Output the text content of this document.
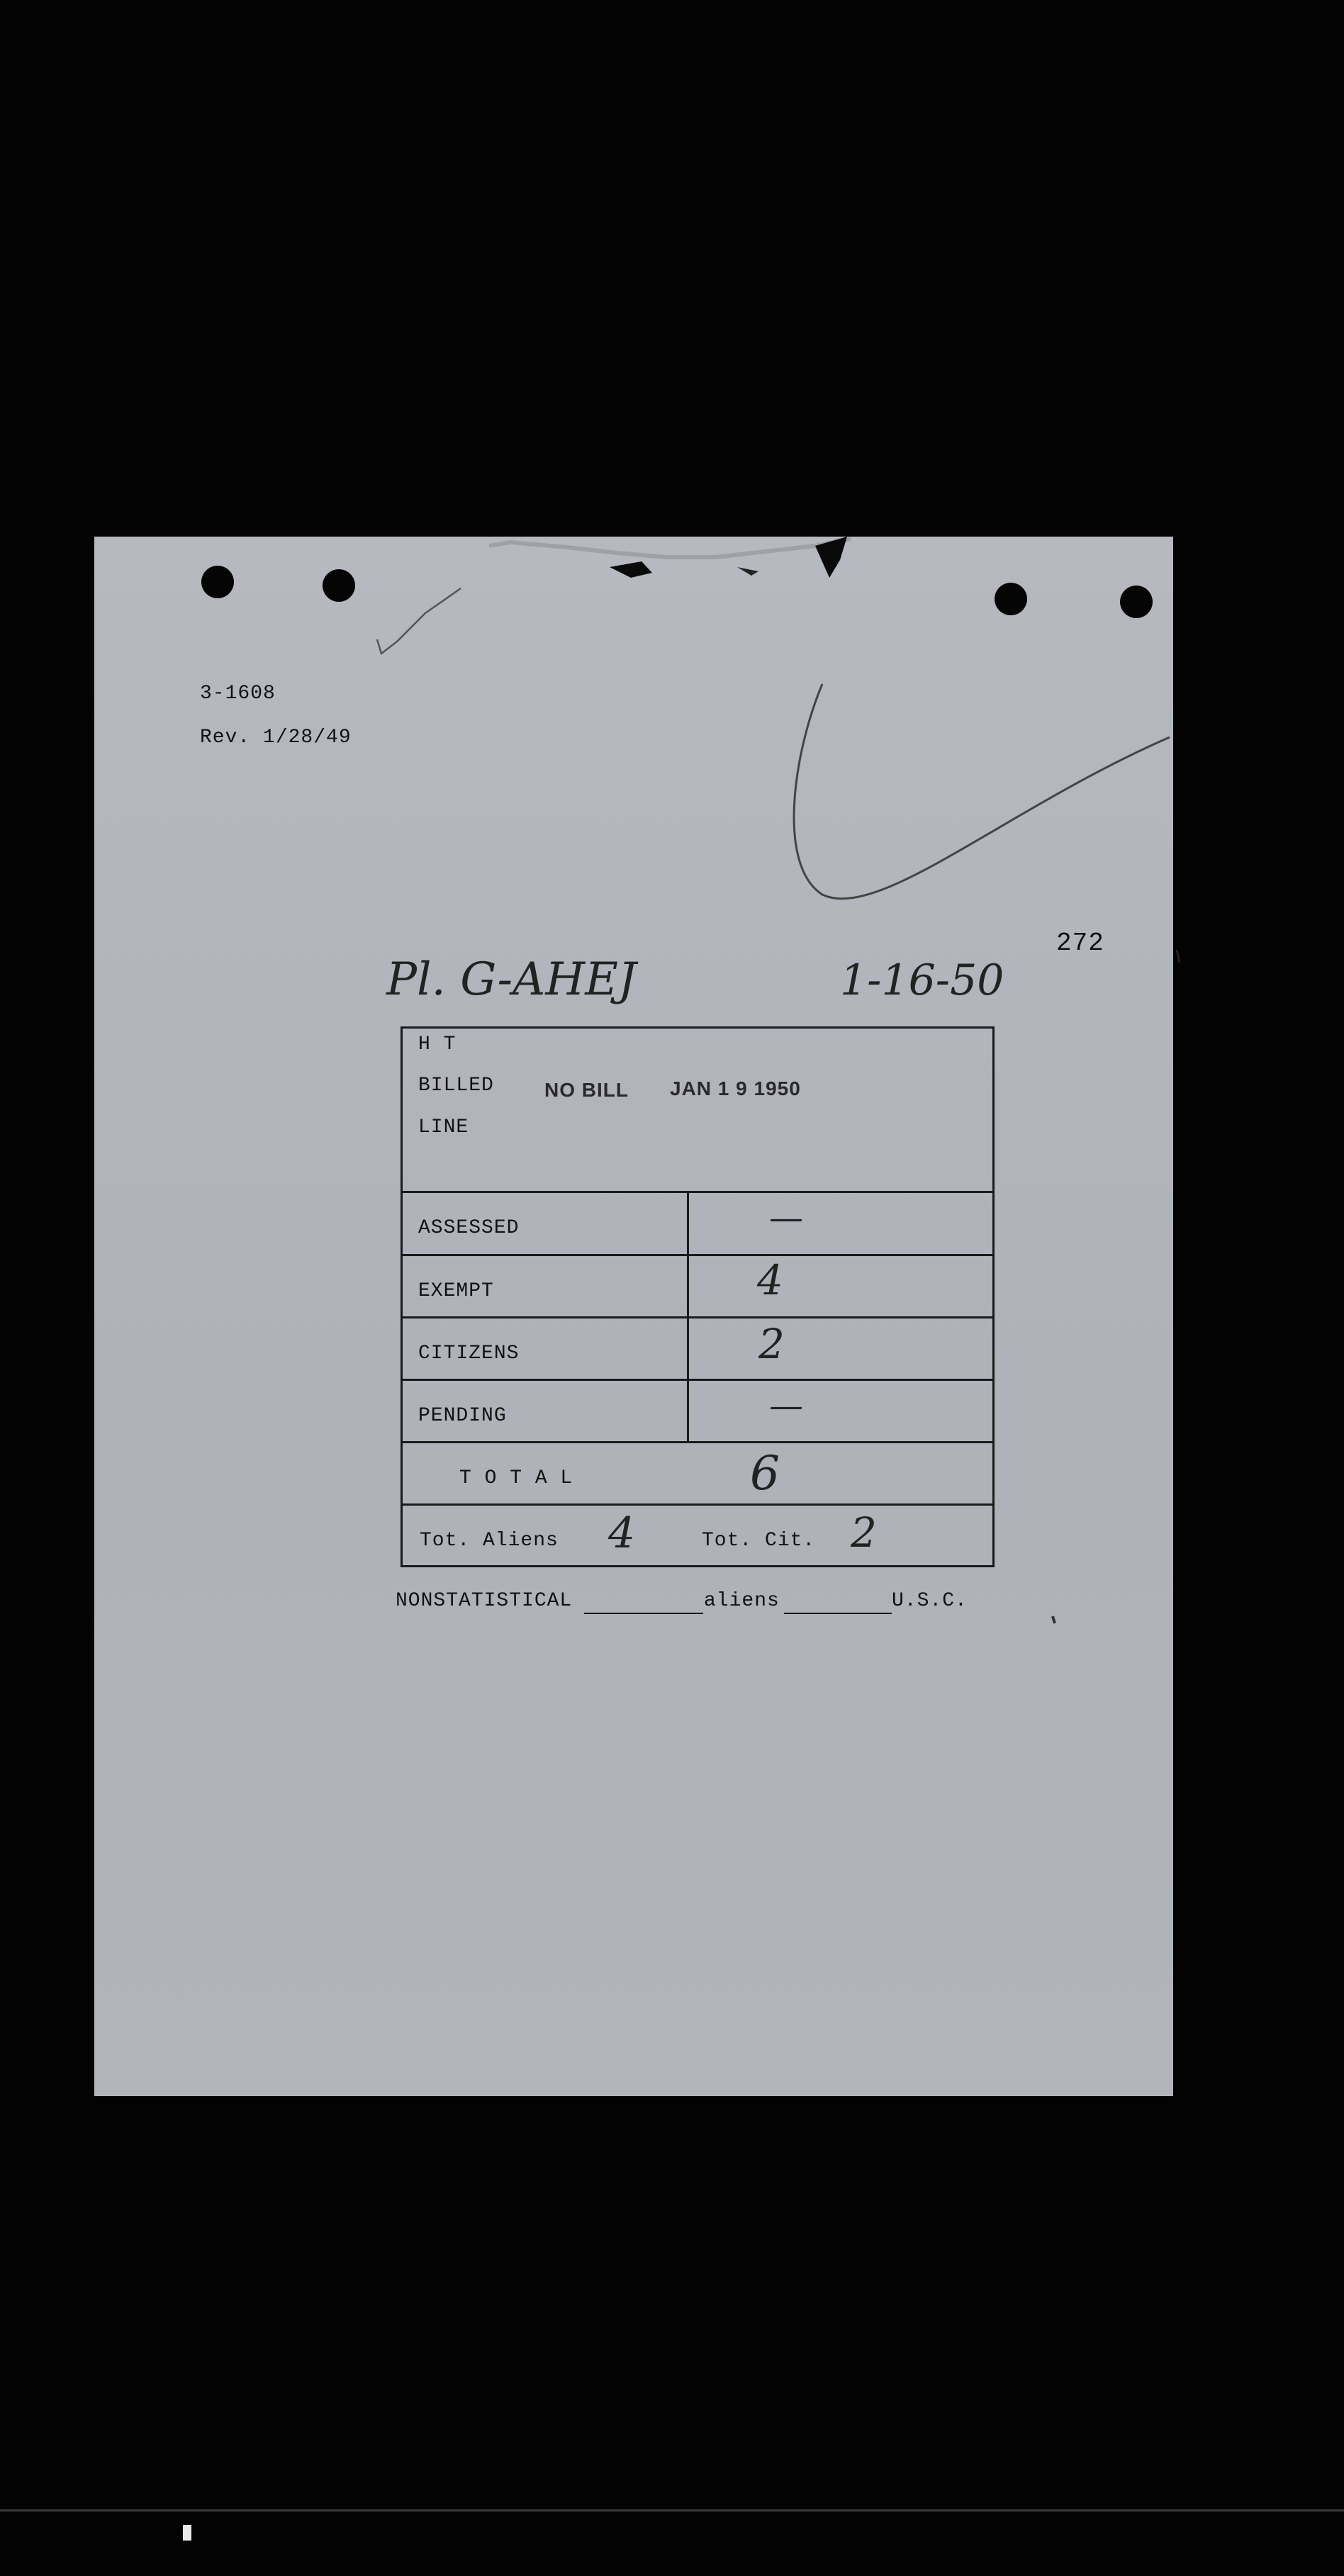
3-1608
Rev. 1/28/49
272
Pl. G-AHEJ	1-16-50
H T
BILLED
LINE
NO BILL JAN 1 9 1950
ASSESSED	—
EXEMPT	4
CITIZENS	2
PENDING	—
T O T A L	6
Tot. Aliens 4	Tot. Cit. 2
NONSTATISTICAL	aliens	U.S.C.
